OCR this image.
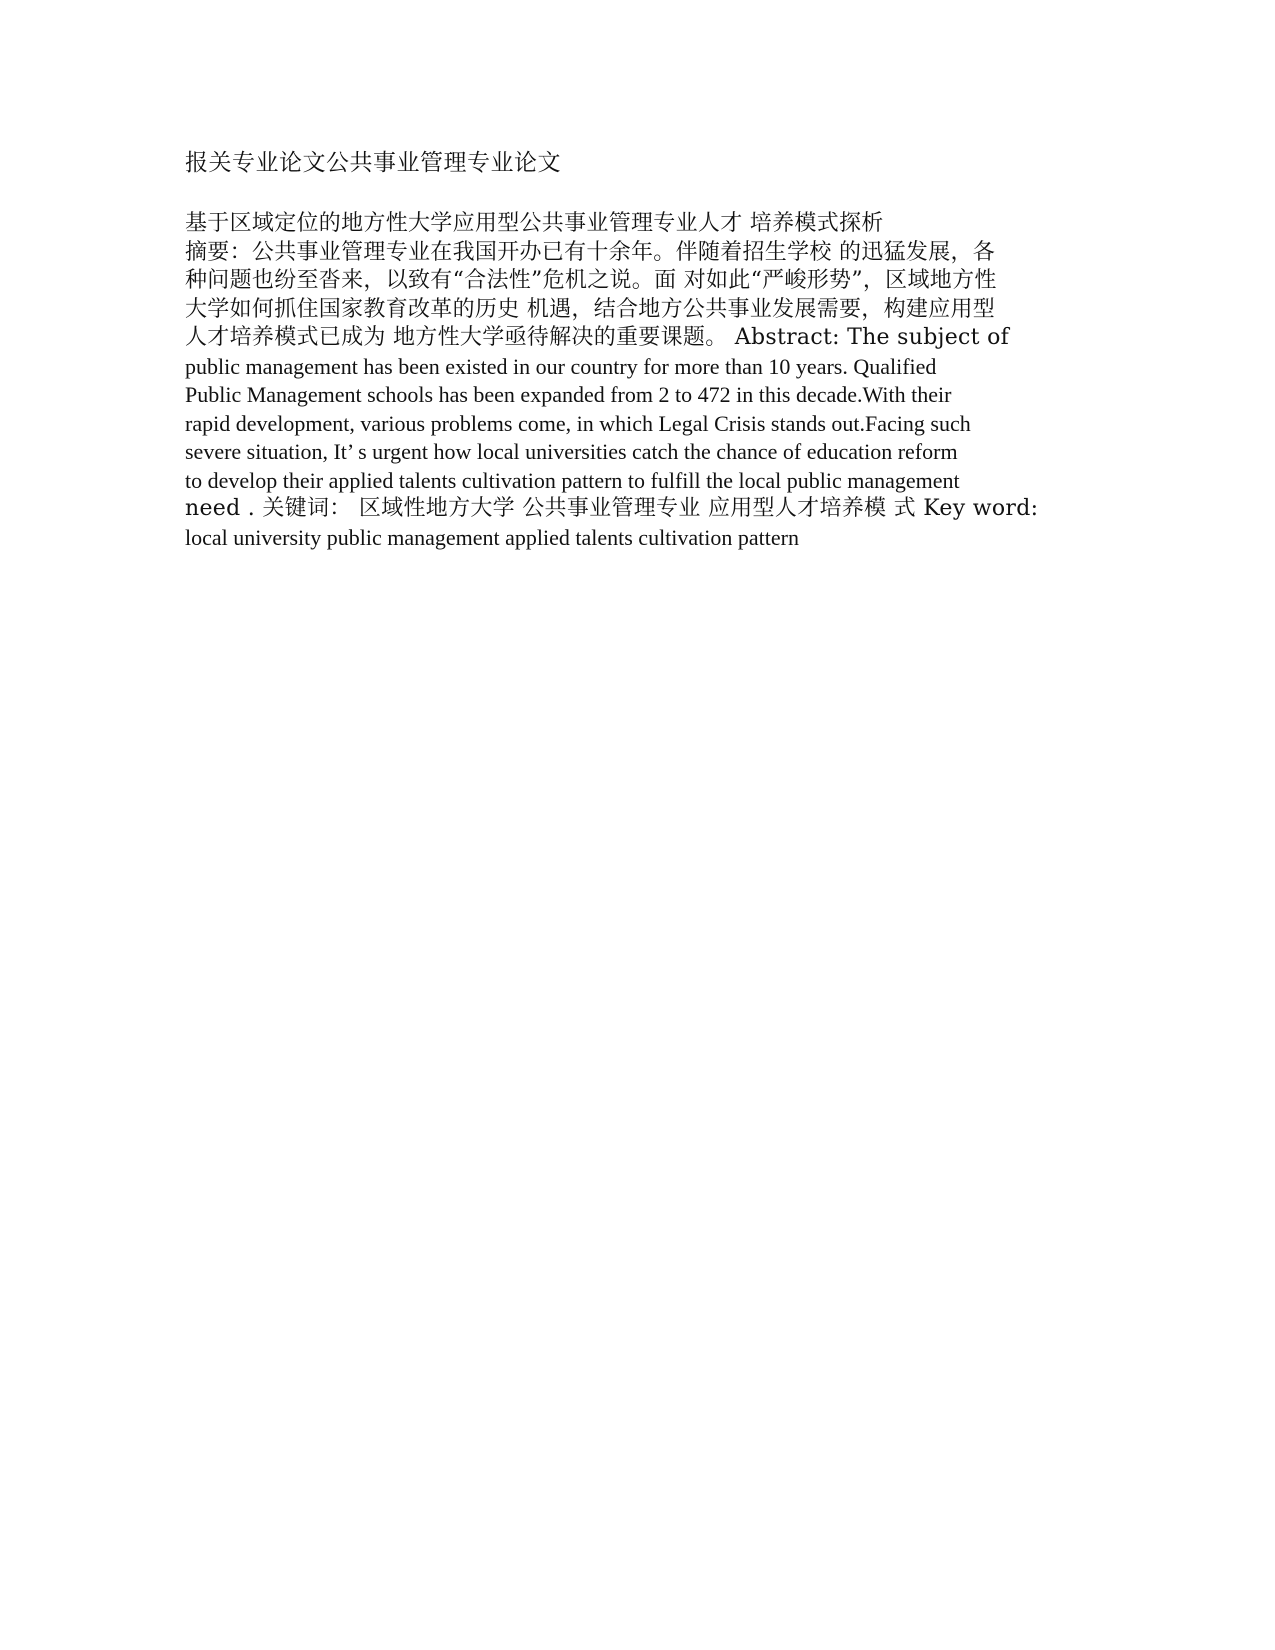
报关专业论文公共事业管理专业论文
基于区域定位的地方性大学应用型公共事业管理专业人才 培养模式探析
摘要：公共事业管理专业在我国开办已有十余年。伴随着招生学校 的迅猛发展，各
种问题也纷至沓来，以致有“合法性”危机之说。面 对如此“严峻形势”，区域地方性
大学如何抓住国家教育改革的历史 机遇，结合地方公共事业发展需要，构建应用型
人才培养模式已成为 地方性大学亟待解决的重要课题。 Abstract: The subject of
public management has been existed in our country for more than 10 years. Qualified
Public Management schools has been expanded from 2 to 472 in this decade.With their
rapid development, various problems come, in which Legal Crisis stands out.Facing such
severe situation, It’ s urgent how local universities catch the chance of education reform
to develop their applied talents cultivation pattern to fulfill the local public management
need . 关键词： 区域性地方大学 公共事业管理专业 应用型人才培养模 式 Key word:
local university public management applied talents cultivation pattern
